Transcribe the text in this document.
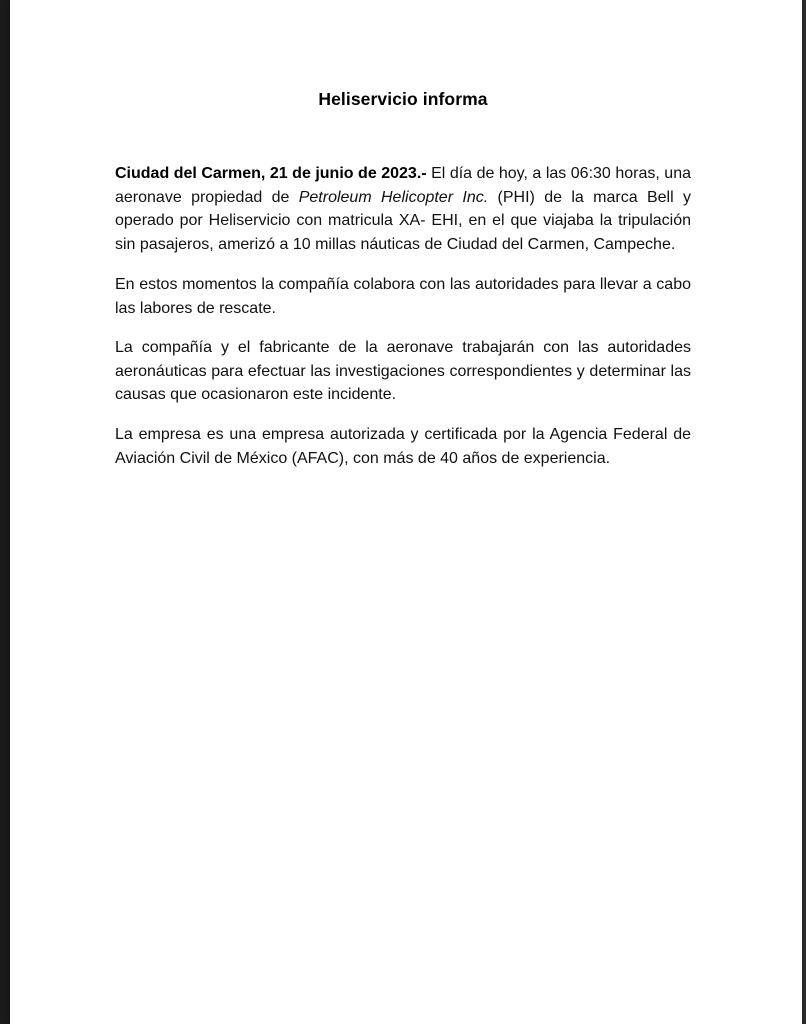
Heliservicio informa

Ciudad del Carmen, 21 de junio de 2023.- El día de hoy, a las 06:30 horas, una aeronave propiedad de Petroleum Helicopter Inc. (PHI) de la marca Bell y operado por Heliservicio con matricula XA- EHI, en el que viajaba la tripulación sin pasajeros, amerizó a 10 millas náuticas de Ciudad del Carmen, Campeche.

En estos momentos la compañía colabora con las autoridades para llevar a cabo las labores de rescate.

La compañía y el fabricante de la aeronave trabajarán con las autoridades aeronáuticas para efectuar las investigaciones correspondientes y determinar las causas que ocasionaron este incidente.

La empresa es una empresa autorizada y certificada por la Agencia Federal de Aviación Civil de México (AFAC), con más de 40 años de experiencia.
